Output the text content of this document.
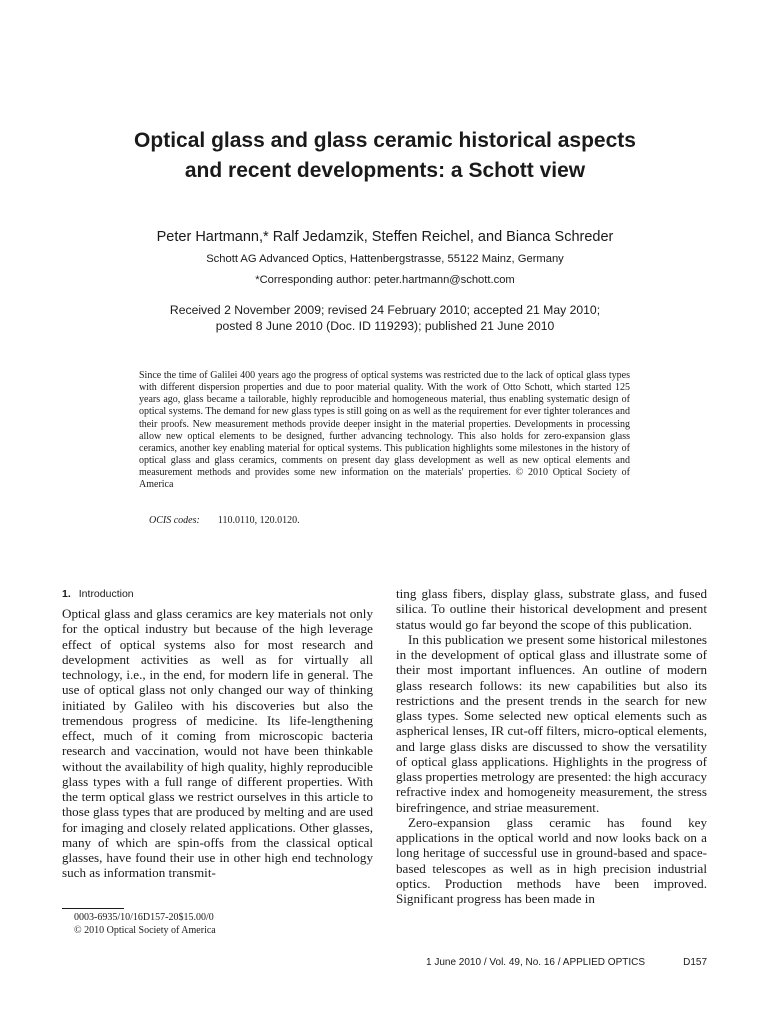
Optical glass and glass ceramic historical aspects
and recent developments: a Schott view
Peter Hartmann,* Ralf Jedamzik, Steffen Reichel, and Bianca Schreder
Schott AG Advanced Optics, Hattenbergstrasse, 55122 Mainz, Germany
*Corresponding author: peter.hartmann@schott.com
Received 2 November 2009; revised 24 February 2010; accepted 21 May 2010;
posted 8 June 2010 (Doc. ID 119293); published 21 June 2010

Since the time of Galilei 400 years ago the progress of optical systems was restricted due to the lack of optical glass types with different dispersion properties and due to poor material quality. With the work of Otto Schott, which started 125 years ago, glass became a tailorable, highly reproducible and homogeneous material, thus enabling systematic design of optical systems. The demand for new glass types is still going on as well as the requirement for ever tighter tolerances and their proofs. New measurement methods provide deeper insight in the material properties. Developments in processing allow new optical elements to be designed, further advancing technology. This also holds for zero-expansion glass ceramics, another key enabling material for optical systems. This publication highlights some milestones in the history of optical glass and glass ceramics, comments on present day glass development as well as new optical elements and measurement methods and provides some new information on the materials' properties. © 2010 Optical Society of America

OCIS codes: 110.0110, 120.0120.
1. Introduction

Optical glass and glass ceramics are key materials not only for the optical industry but because of the high leverage effect of optical systems also for most research and development activities as well as for virtually all technology, i.e., in the end, for modern life in general. The use of optical glass not only changed our way of thinking initiated by Galileo with his discoveries but also the tremendous progress of medicine. Its life-lengthening effect, much of it coming from microscopic bacteria research and vaccination, would not have been thinkable without the availability of high quality, highly reproducible glass types with a full range of different properties. With the term optical glass we restrict ourselves in this article to those glass types that are produced by melting and are used for imaging and closely related applications. Other glasses, many of which are spin-offs from the classical optical glasses, have found their use in other high end technology such as information transmit-

ting glass fibers, display glass, substrate glass, and fused silica. To outline their historical development and present status would go far beyond the scope of this publication.

In this publication we present some historical milestones in the development of optical glass and illustrate some of their most important influences. An outline of modern glass research follows: its new capabilities but also its restrictions and the present trends in the search for new glass types. Some selected new optical elements such as aspherical lenses, IR cut-off filters, micro-optical elements, and large glass disks are discussed to show the versatility of optical glass applications. Highlights in the progress of glass properties metrology are presented: the high accuracy refractive index and homogeneity measurement, the stress birefringence, and striae measurement.

Zero-expansion glass ceramic has found key applications in the optical world and now looks back on a long heritage of successful use in ground-based and space-based telescopes as well as in high precision industrial optics. Production methods have been improved. Significant progress has been made in

0003-6935/10/16D157-20$15.00/0
© 2010 Optical Society of America
1 June 2010 / Vol. 49, No. 16 / APPLIED OPTICS	D157
